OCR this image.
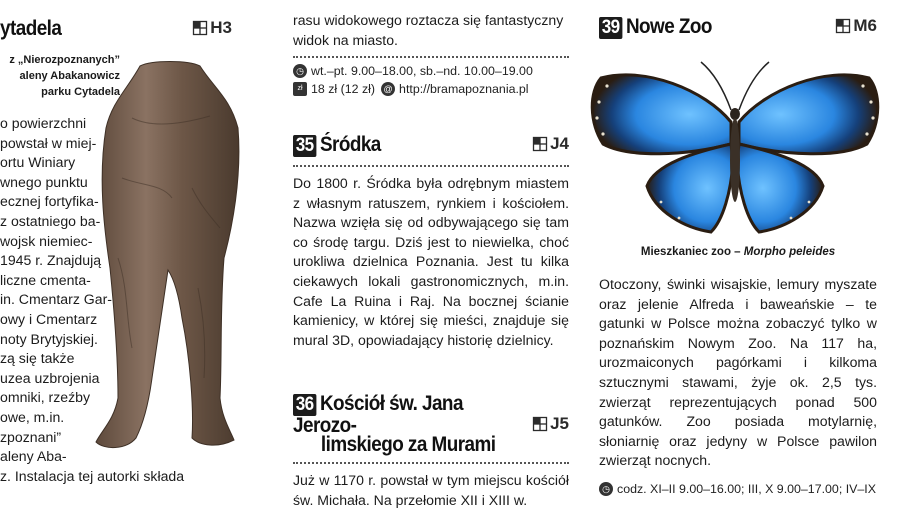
ytadela	H3
z „Nierozpoznanych”
aleny Abakanowicz
parku Cytadela
o powierzchni
powstał w miej-
ortu Winiary
wnego punktu
ecznej fortyfika-
z ostatniego ba-
wojsk niemiec-
1945 r. Znajdują
liczne cmenta-
in. Cmentarz Gar-
owy i Cmentarz
noty Brytyjskiej.
zą się także
uzea uzbrojenia
omniki, rzeźby
owe, m.in.
zpoznani”
aleny Aba-
z. Instalacja tej autorki składa
rasu widokowego roztacza się fantastyczny widok na miasto.
◷ wt.–pt. 9.00–18.00, sb.–nd. 10.00–19.00
zł 18 zł (12 zł) @ http://bramapoznania.pl
35 Śródka	J4
Do 1800 r. Śródka była odrębnym miastem z własnym ratuszem, rynkiem i kościołem. Nazwa wzięła się od odbywającego się tam co środę targu. Dziś jest to niewielka, choć urokliwa dzielnica Poznania. Jest tu kilka ciekawych lokali gastronomicznych, m.in. Cafe La Ruina i Raj. Na bocznej ścianie kamienicy, w której się mieści, znajduje się mural 3D, opowiadający historię dzielnicy.
36 Kościół św. Jana Jerozo-
limskiego za Murami
J5
Już w 1170 r. powstał w tym miejscu kościół św. Michała. Na przełomie XII i XIII w.
39 Nowe Zoo	M6
Mieszkaniec zoo – Morpho peleides
Otoczony, świnki wisajskie, lemury myszate oraz jelenie Alfreda i baweańskie – te gatunki w Polsce można zobaczyć tylko w poznańskim Nowym Zoo. Na 117 ha, urozmaiconych pagórkami i kilkoma sztucznymi stawami, żyje ok. 2,5 tys. zwierząt reprezentujących ponad 500 gatunków. Zoo posiada motylarnię, słoniarnię oraz jedyny w Polsce pawilon zwierząt nocnych.
◷ codz. XI–II 9.00–16.00; III, X 9.00–17.00; IV–IX
